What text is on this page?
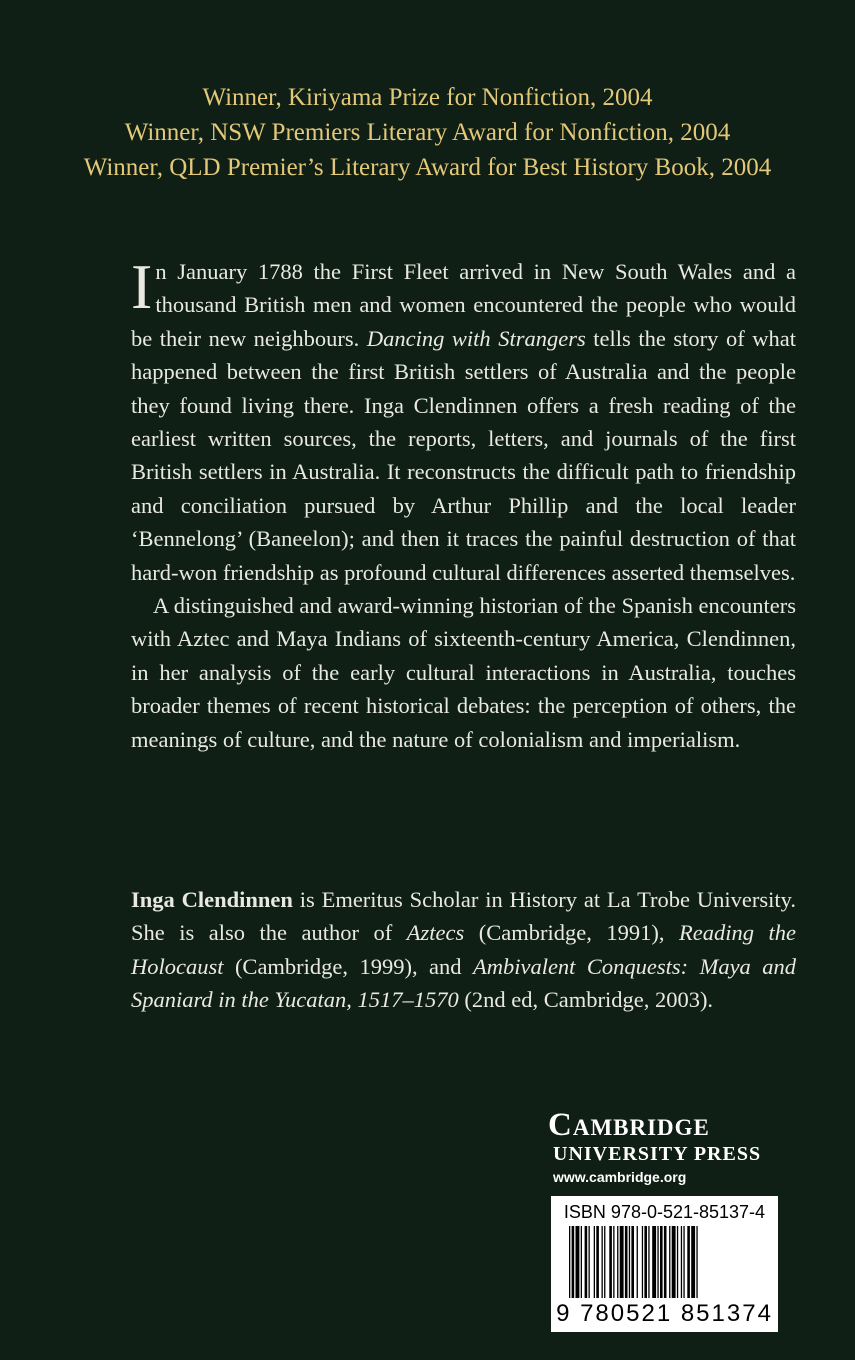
Winner, Kiriyama Prize for Nonfiction, 2004
Winner, NSW Premiers Literary Award for Nonfiction, 2004
Winner, QLD Premier’s Literary Award for Best History Book, 2004

In January 1788 the First Fleet arrived in New South Wales and a thousand British men and women encountered the people who would be their new neighbours. Dancing with Strangers tells the story of what happened between the first British settlers of Australia and the people they found living there. Inga Clendinnen offers a fresh reading of the earliest written sources, the reports, letters, and journals of the first British settlers in Australia. It reconstructs the difficult path to friendship and conciliation pursued by Arthur Phillip and the local leader ‘Bennelong’ (Baneelon); and then it traces the painful destruction of that hard-won friendship as profound cultural differences asserted themselves.

A distinguished and award-winning historian of the Spanish encounters with Aztec and Maya Indians of sixteenth-century America, Clendinnen, in her analysis of the early cultural interactions in Australia, touches broader themes of recent historical debates: the perception of others, the meanings of culture, and the nature of colonialism and imperialism.

Inga Clendinnen is Emeritus Scholar in History at La Trobe University. She is also the author of Aztecs (Cambridge, 1991), Reading the Holocaust (Cambridge, 1999), and Ambivalent Conquests: Maya and Spaniard in the Yucatan, 1517–1570 (2nd ed, Cambridge, 2003).
Cambridge
UNIVERSITY PRESS
www.cambridge.org
ISBN 978-0-521-85137-4
9 780521 851374
